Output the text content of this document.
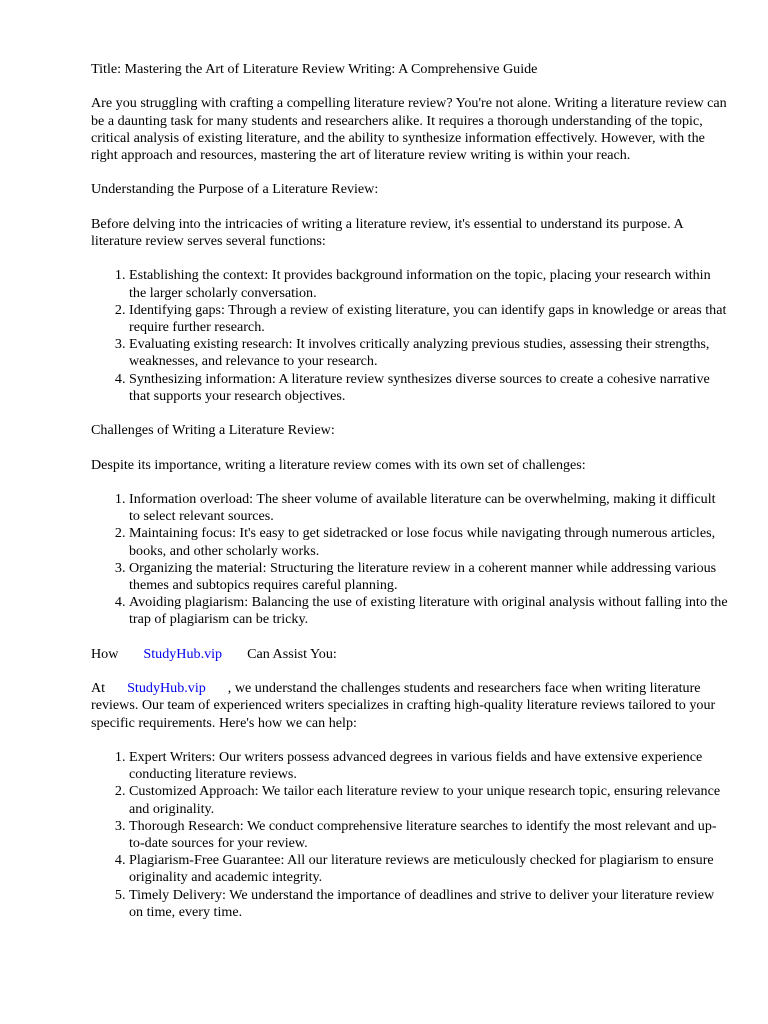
Title: Mastering the Art of Literature Review Writing: A Comprehensive Guide

Are you struggling with crafting a compelling literature review? You're not alone. Writing a literature review can be a daunting task for many students and researchers alike. It requires a thorough understanding of the topic, critical analysis of existing literature, and the ability to synthesize information effectively. However, with the right approach and resources, mastering the art of literature review writing is within your reach.

Understanding the Purpose of a Literature Review:

Before delving into the intricacies of writing a literature review, it's essential to understand its purpose. A literature review serves several functions:

1. Establishing the context: It provides background information on the topic, placing your research within the larger scholarly conversation.
2. Identifying gaps: Through a review of existing literature, you can identify gaps in knowledge or areas that require further research.
3. Evaluating existing research: It involves critically analyzing previous studies, assessing their strengths, weaknesses, and relevance to your research.
4. Synthesizing information: A literature review synthesizes diverse sources to create a cohesive narrative that supports your research objectives.

Challenges of Writing a Literature Review:

Despite its importance, writing a literature review comes with its own set of challenges:

1. Information overload: The sheer volume of available literature can be overwhelming, making it difficult to select relevant sources.
2. Maintaining focus: It's easy to get sidetracked or lose focus while navigating through numerous articles, books, and other scholarly works.
3. Organizing the material: Structuring the literature review in a coherent manner while addressing various themes and subtopics requires careful planning.
4. Avoiding plagiarism: Balancing the use of existing literature with original analysis without falling into the trap of plagiarism can be tricky.

How StudyHub.vip Can Assist You:

At StudyHub.vip , we understand the challenges students and researchers face when writing literature reviews. Our team of experienced writers specializes in crafting high-quality literature reviews tailored to your specific requirements. Here's how we can help:

1. Expert Writers: Our writers possess advanced degrees in various fields and have extensive experience conducting literature reviews.
2. Customized Approach: We tailor each literature review to your unique research topic, ensuring relevance and originality.
3. Thorough Research: We conduct comprehensive literature searches to identify the most relevant and up-to-date sources for your review.
4. Plagiarism-Free Guarantee: All our literature reviews are meticulously checked for plagiarism to ensure originality and academic integrity.
5. Timely Delivery: We understand the importance of deadlines and strive to deliver your literature review on time, every time.
